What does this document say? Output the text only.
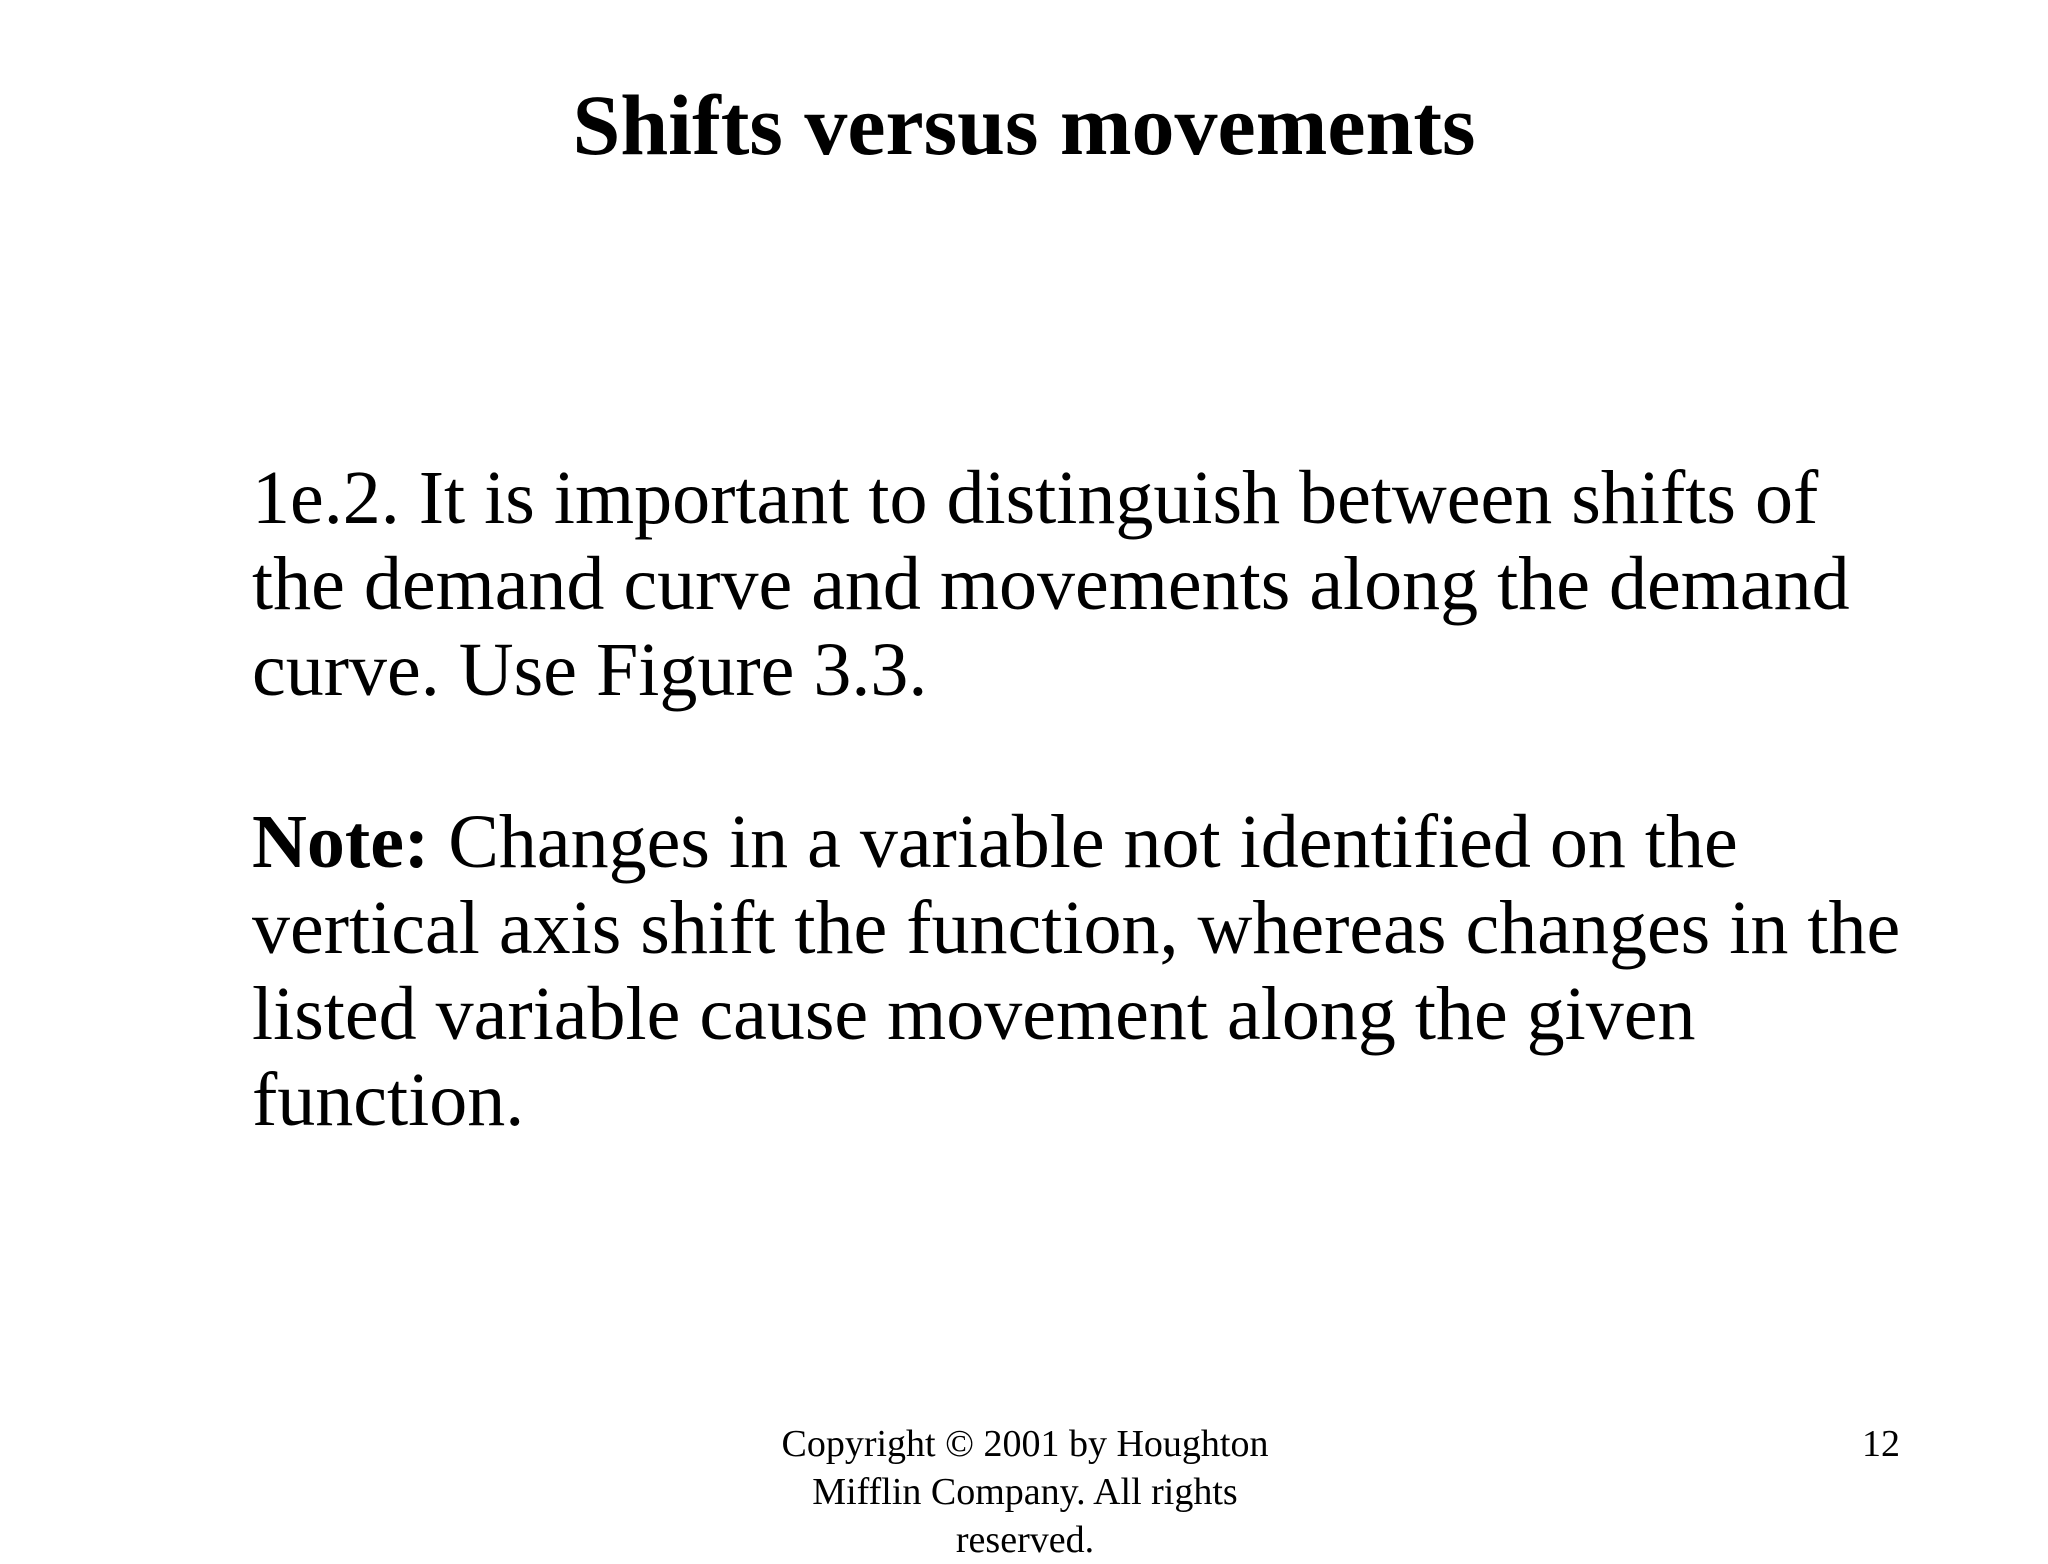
Shifts versus movements

1e.2. It is important to distinguish between shifts of the demand curve and movements along the demand curve. Use Figure 3.3.

Note: Changes in a variable not identified on the vertical axis shift the function, whereas changes in the listed variable cause movement along the given function.

Copyright © 2001 by Houghton Mifflin Company. All rights reserved.
12
